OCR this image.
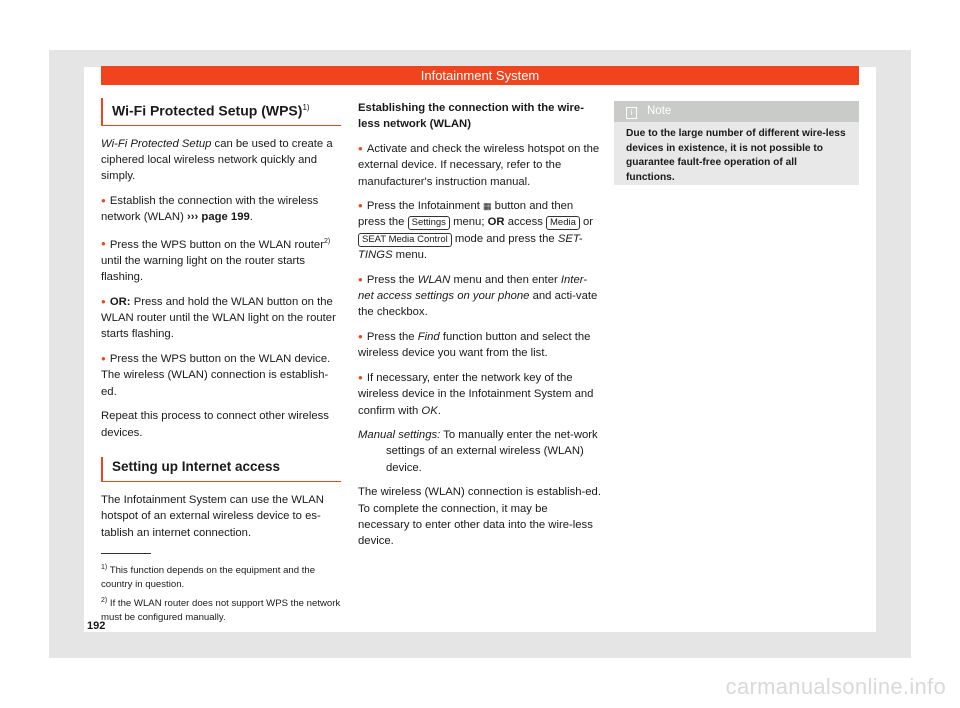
Infotainment System
Wi-Fi Protected Setup (WPS)$^{1)}$

Wi-Fi Protected Setup can be used to create a ciphered local wireless network quickly and simply.

● Establish the connection with the wireless network (WLAN) ››› page 199.

● Press the WPS button on the WLAN router$^{2)}$ until the warning light on the router starts flashing.

● OR: Press and hold the WLAN button on the WLAN router until the WLAN light on the router starts flashing.

● Press the WPS button on the WLAN device. The wireless (WLAN) connection is establish-ed.

Repeat this process to connect other wireless devices.

Setting up Internet access

The Infotainment System can use the WLAN hotspot of an external wireless device to es-tablish an internet connection.

Establishing the connection with the wire-less network (WLAN)

● Activate and check the wireless hotspot on the external device. If necessary, refer to the manufacturer's instruction manual.

● Press the Infotainment ▦ button and then press the Settings menu; OR access Media or SEAT Media Control mode and press the SET-TINGS menu.

● Press the WLAN menu and then enter Inter-net access settings on your phone and acti-vate the checkbox.

● Press the Find function button and select the wireless device you want from the list.

● If necessary, enter the network key of the wireless device in the Infotainment System and confirm with OK.

Manual settings: To manually enter the net-work settings of an external wireless (WLAN) device.

The wireless (WLAN) connection is establish-ed. To complete the connection, it may be necessary to enter other data into the wire-less device.

i Note
Due to the large number of different wire-less devices in existence, it is not possible to guarantee fault-free operation of all functions.

$^{1)}$ This function depends on the equipment and the country in question.

$^{2)}$ If the WLAN router does not support WPS the network must be configured manually.

192
carmanualsonline.info
